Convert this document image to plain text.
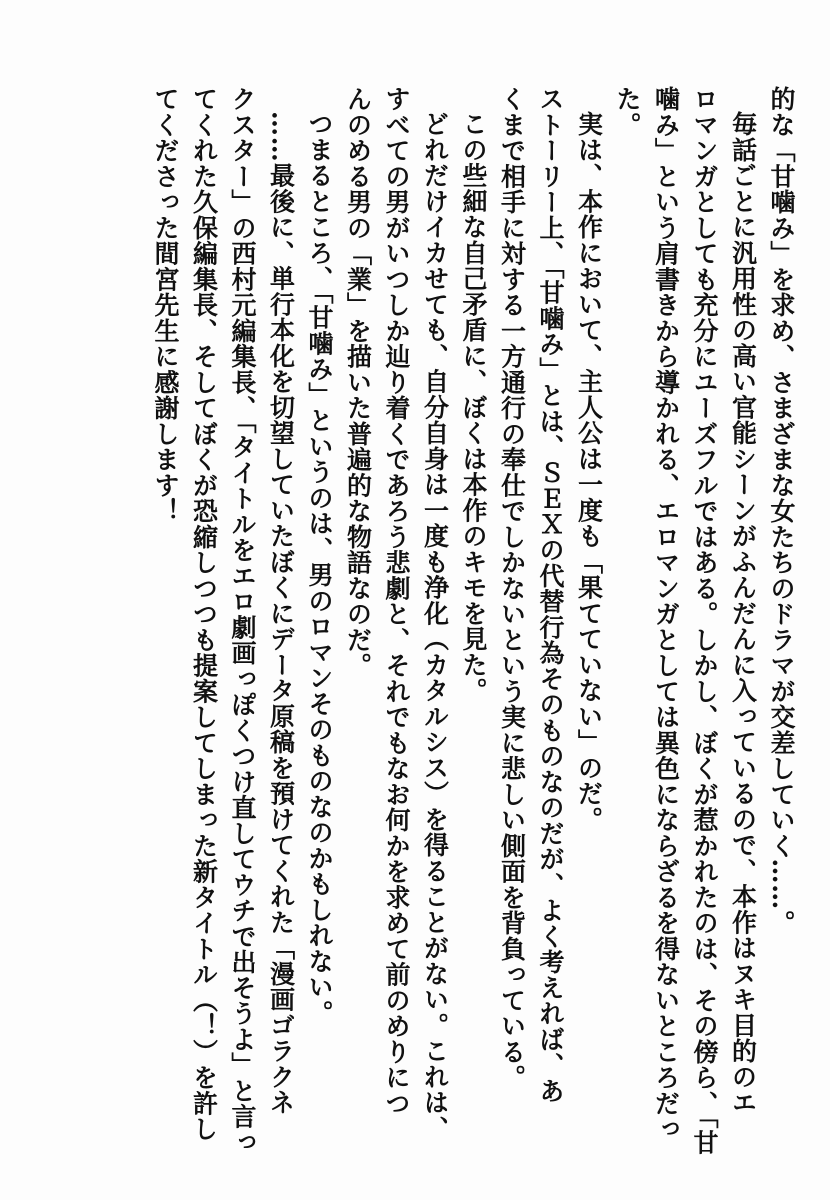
的な「甘噛み」を求め、さまざまな女たちのドラマが交差していく……。

毎話ごとに汎用性の高い官能シーンがふんだんに入っているので、本作はヌキ目的のエ

ロマンガとしても充分にユーズフルではある。しかし、ぼくが惹かれたのは、その傍ら、「甘

噛み」という肩書きから導かれる、エロマンガとしては異色にならざるを得ないところだっ

た。

実は、本作において、主人公は一度も「果てていない」のだ。

ストーリー上、「甘噛み」とは、ＳＥＸの代替行為そのものなのだが、よく考えれば、あ

くまで相手に対する一方通行の奉仕でしかないという実に悲しい側面を背負っている。

この些細な自己矛盾に、ぼくは本作のキモを見た。

どれだけイカせても、自分自身は一度も浄化（カタルシス）を得ることがない。これは、

すべての男がいつしか辿り着くであろう悲劇と、それでもなお何かを求めて前のめりにつ

んのめる男の「業」を描いた普遍的な物語なのだ。

つまるところ、「甘噛み」というのは、男のロマンそのものなのかもしれない。

……最後に、単行本化を切望していたぼくにデータ原稿を預けてくれた「漫画ゴラクネ

クスター」の西村元編集長、「タイトルをエロ劇画っぽくつけ直してウチで出そうよ」と言っ

てくれた久保編集長、そしてぼくが恐縮しつつも提案してしまった新タイトル（！）を許し

てくださった間宮先生に感謝します！
